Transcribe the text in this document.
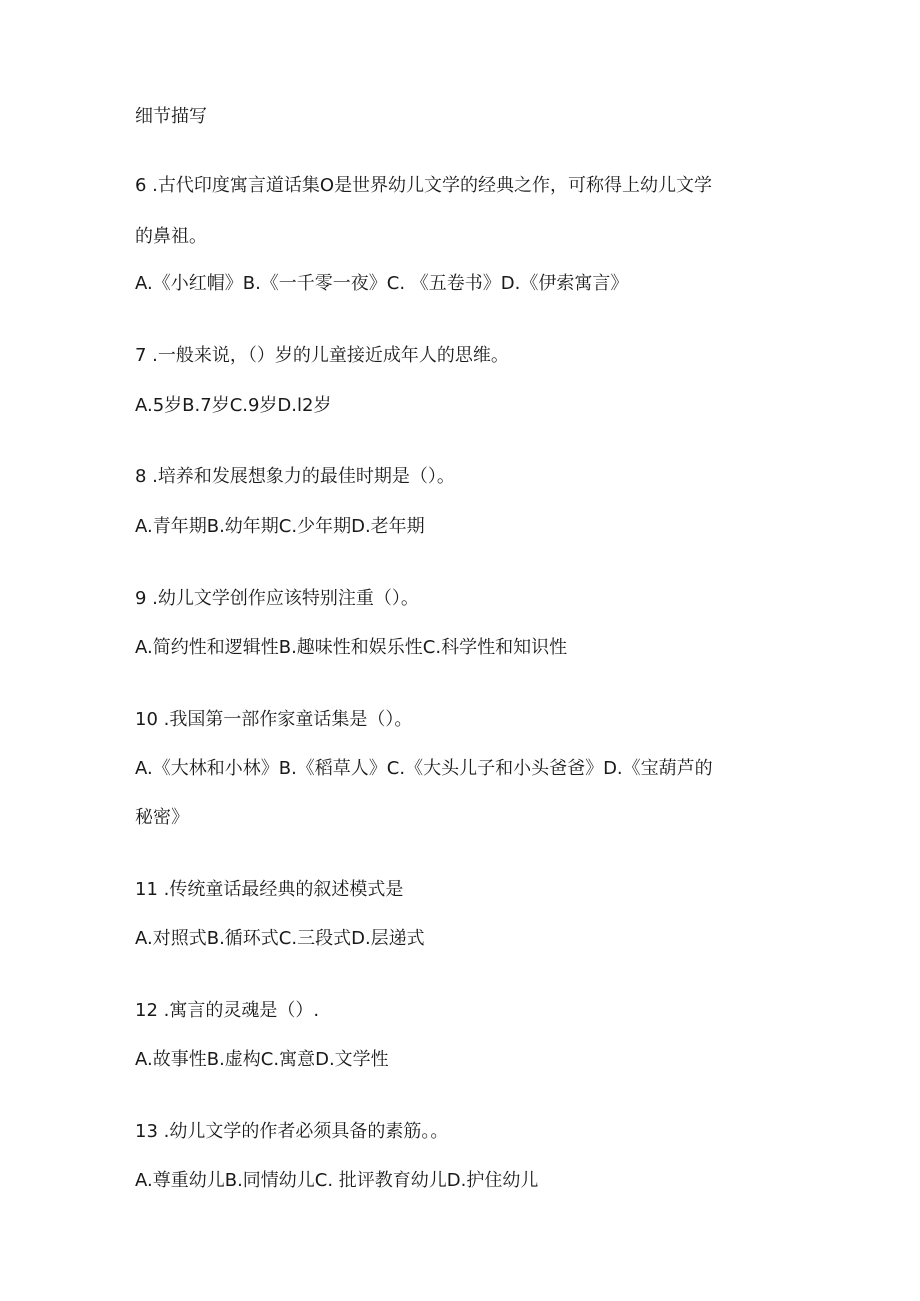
细节描写

6 .古代印度寓言道话集O是世界幼儿文学的经典之作，可称得上幼儿文学

的鼻祖。

A.《小红帽》B.《一千零一夜》C. 《五卷书》D.《伊索寓言》

7 .一般来说，（）岁的儿童接近成年人的思维。

A.5岁B.7岁C.9岁D.l2岁

8 .培养和发展想象力的最佳时期是（）。

A.青年期B.幼年期C.少年期D.老年期

9 .幼儿文学创作应该特别注重（）。

A.简约性和逻辑性B.趣味性和娱乐性C.科学性和知识性

10 .我国第一部作家童话集是（）。

A.《大林和小林》B.《稻草人》C.《大头儿子和小头爸爸》D.《宝葫芦的

秘密》

11 .传统童话最经典的叙述模式是

A.对照式B.循环式C.三段式D.层递式

12 .寓言的灵魂是（）.

A.故事性B.虚构C.寓意D.文学性

13 .幼儿文学的作者必须具备的素筋。。

A.尊重幼儿B.同情幼儿C. 批评教育幼儿D.护住幼儿
